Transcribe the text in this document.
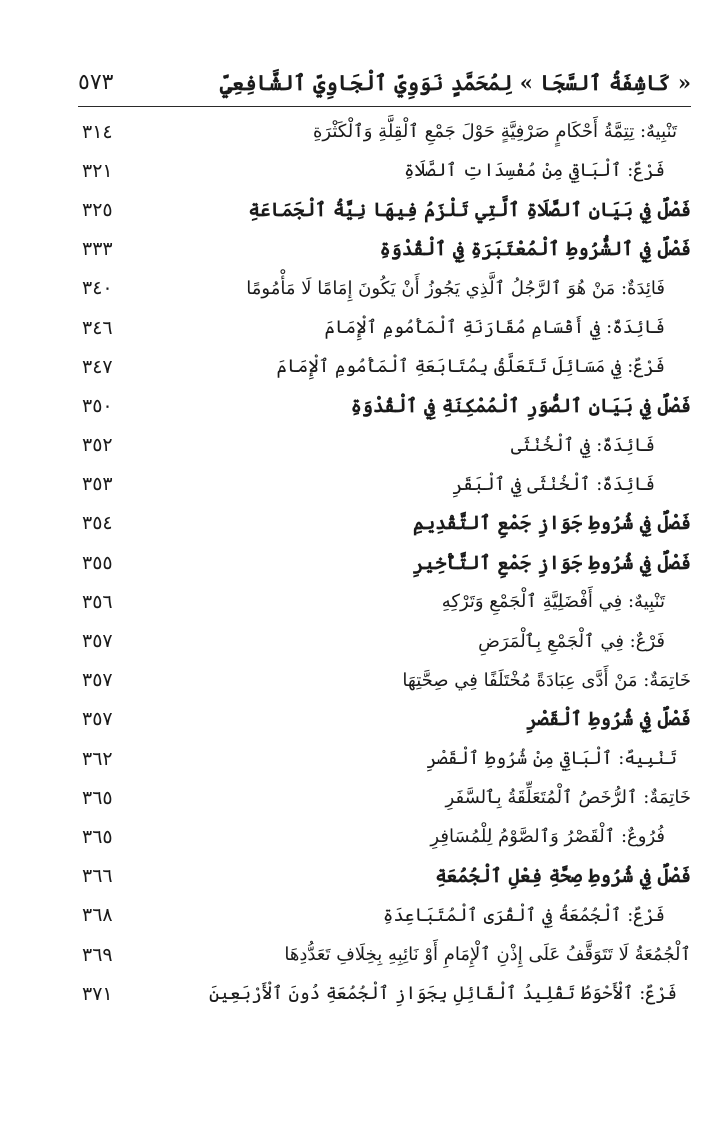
٥٧٣	« كَاشِفَةُ ٱلسَّجَا » لِمُحَمَّدٍ نَوَوِيِّ ٱلْجَاوِيِّ ٱلشَّافِعِيِّ
٣١٤	تَنْبِيهٌ: تِتِمَّةُ أَحْكَامٍ صَرْفِيَّةٍ حَوْلَ جَمْعِ ٱلْقِلَّةِ وَٱلْكَثْرَةِ
٣٢١	فَرْعٌ: ٱلْبَاقِي مِنْ مُفْسِدَاتِ ٱلصَّلَاةِ
٣٢٥	فَصْلٌ فِي بَيَانِ ٱلصَّلَاةِ ٱلَّتِي تَلْزَمُ فِيهَا نِيَّةُ ٱلْجَمَاعَةِ
٣٣٣	فَصْلٌ فِي ٱلشُّرُوطِ ٱلْمُعْتَبَرَةِ فِي ٱلْقُدْوَةِ
٣٤٠	فَائِدَةٌ: مَنْ هُوَ ٱلرَّجُلُ ٱلَّذِي يَجُوزُ أَنْ يَكُونَ إِمَامًا لَا مَأْمُومًا
٣٤٦	فَائِدَةٌ: فِي أَقْسَامِ مُقَارَنَةِ ٱلْمَأْمُومِ ٱلْإِمَامَ
٣٤٧	فَرْعٌ: فِي مَسَائِلَ تَتَعَلَّقُ بِمُتَابَعَةِ ٱلْمَأْمُومِ ٱلْإِمَامَ
٣٥٠	فَصْلٌ فِي بَيَانِ ٱلصُّوَرِ ٱلْمُمْكِنَةِ فِي ٱلْقُدْوَةِ
٣٥٢	فَائِدَةٌ: فِي ٱلْخُنْثَى
٣٥٣	فَائِدَةٌ: ٱلْخُنْثَى فِي ٱلْبَقَرِ
٣٥٤	فَصْلٌ فِي شُرُوطِ جَوَازِ جَمْعِ ٱلتَّقْدِيمِ
٣٥٥	فَصْلٌ فِي شُرُوطِ جَوَازِ جَمْعِ ٱلتَّأْخِيرِ
٣٥٦	تَنْبِيهٌ: فِي أَفْضَلِيَّةِ ٱلْجَمْعِ وَتَرْكِهِ
٣٥٧	فَرْعٌ: فِي ٱلْجَمْعِ بِٱلْمَرَضِ
٣٥٧	خَاتِمَةٌ: مَنْ أَدَّى عِبَادَةً مُخْتَلَفًا فِي صِحَّتِهَا
٣٥٧	فَصْلٌ فِي شُرُوطِ ٱلْقَصْرِ
٣٦٢	تَنْبِيهٌ: ٱلْبَاقِي مِنْ شُرُوطِ ٱلْقَصْرِ
٣٦٥	خَاتِمَةٌ: ٱلرُّخَصُ ٱلْمُتَعَلِّقَةُ بِٱلسَّفَرِ
٣٦٥	فُرُوعٌ: ٱلْقَصْرُ وَٱلصَّوْمُ لِلْمُسَافِرِ
٣٦٦	فَصْلٌ فِي شُرُوطِ صِحَّةِ فِعْلِ ٱلْجُمُعَةِ
٣٦٨	فَرْعٌ: ٱلْجُمُعَةُ فِي ٱلْقُرَى ٱلْمُتَبَاعِدَةِ
٣٦٩	ٱلْجُمُعَةُ لَا تَتَوَقَّفُ عَلَى إِذْنِ ٱلْإِمَامِ أَوْ نَائِبِهِ بِخِلَافِ تَعَدُّدِهَا
٣٧١	فَرْعٌ: ٱلْأَحْوَطُ تَقْلِيدُ ٱلْقَائِلِ بِجَوَازِ ٱلْجُمُعَةِ دُونَ ٱلْأَرْبَعِينَ
